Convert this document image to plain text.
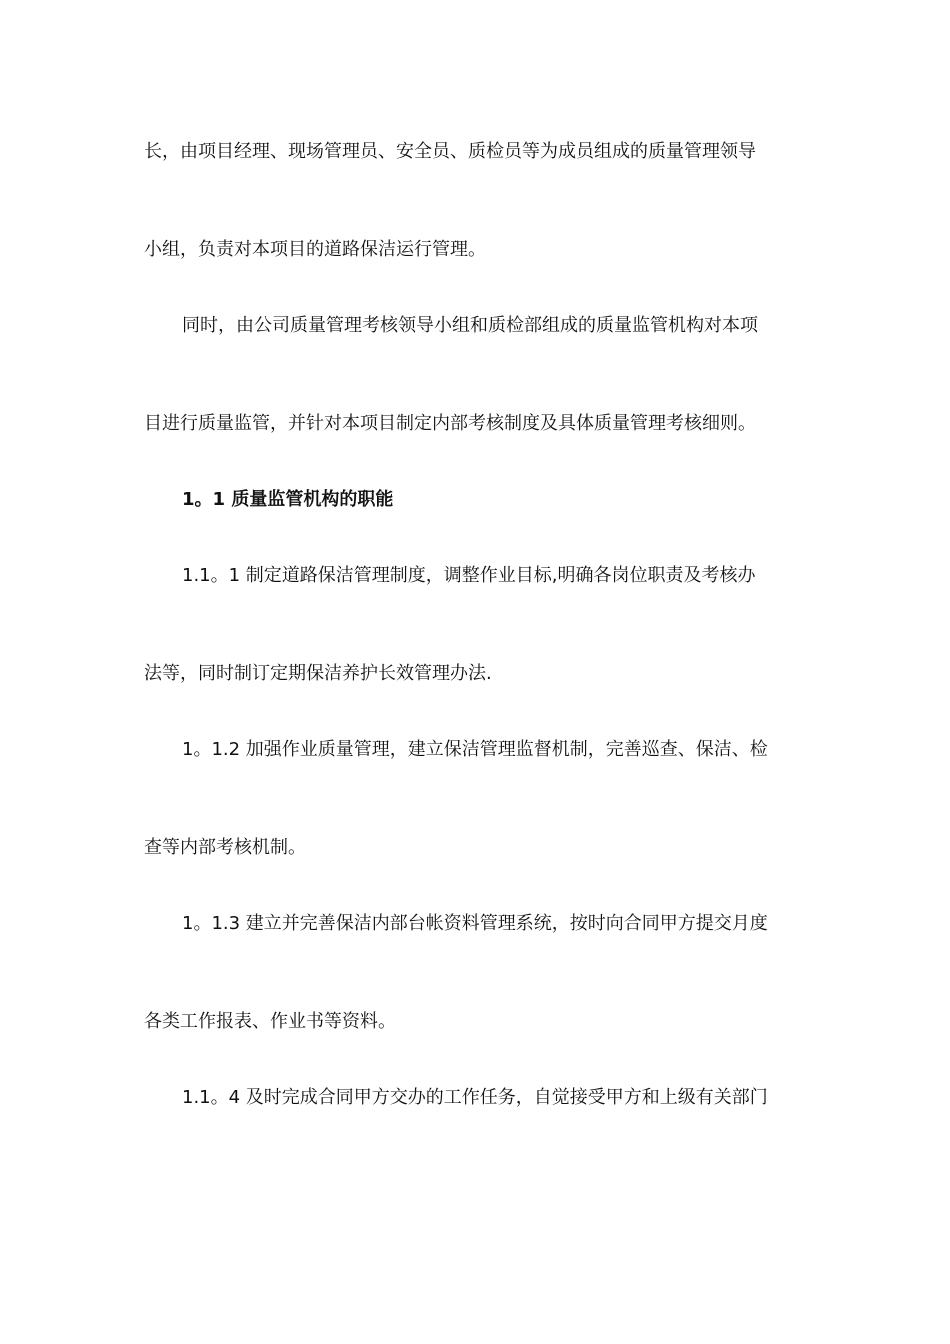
长，由项目经理、现场管理员、安全员、质检员等为成员组成的质量管理领导
小组，负责对本项目的道路保洁运行管理。
同时，由公司质量管理考核领导小组和质检部组成的质量监管机构对本项
目进行质量监管，并针对本项目制定内部考核制度及具体质量管理考核细则。
1。1 质量监管机构的职能
1.1。1 制定道路保洁管理制度，调整作业目标,明确各岗位职责及考核办
法等，同时制订定期保洁养护长效管理办法.
1。1.2 加强作业质量管理，建立保洁管理监督机制，完善巡查、保洁、检
查等内部考核机制。
1。1.3 建立并完善保洁内部台帐资料管理系统，按时向合同甲方提交月度
各类工作报表、作业书等资料。
1.1。4 及时完成合同甲方交办的工作任务，自觉接受甲方和上级有关部门
